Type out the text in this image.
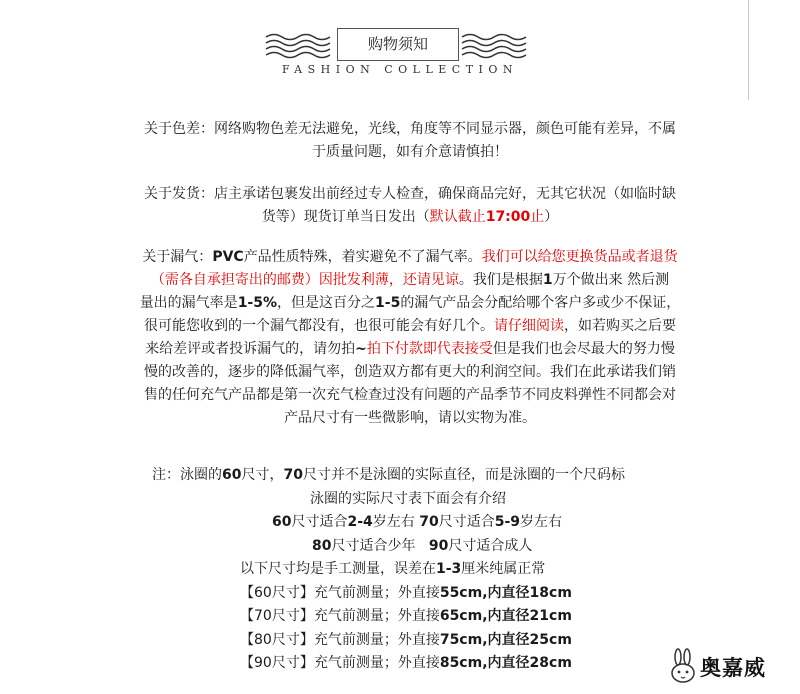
购物须知
FASHION COLLECTION
关于色差：网络购物色差无法避免，光线，角度等不同显示器，颜色可能有差异，不属
于质量问题，如有介意请慎拍！
关于发货：店主承诺包裹发出前经过专人检查，确保商品完好，无其它状况（如临时缺
货等）现货订单当日发出（默认截止17:00止）
关于漏气：PVC产品性质特殊，着实避免不了漏气率。我们可以给您更换货品或者退货
（需各自承担寄出的邮费）因批发利薄，还请见谅。我们是根据1万个做出来 然后测
量出的漏气率是1-5%，但是这百分之1-5的漏气产品会分配给哪个客户多或少不保证，
很可能您收到的一个漏气都没有，也很可能会有好几个。请仔细阅读，如若购买之后要
来给差评或者投诉漏气的，请勿拍~拍下付款即代表接受但是我们也会尽最大的努力慢
慢的改善的，逐步的降低漏气率，创造双方都有更大的利润空间。我们在此承诺我们销
售的任何充气产品都是第一次充气检查过没有问题的产品季节不同皮料弹性不同都会对
产品尺寸有一些微影响，请以实物为准。
注：泳圈的60尺寸，70尺寸并不是泳圈的实际直径，而是泳圈的一个尺码标
泳圈的实际尺寸表下面会有介绍
60尺寸适合2-4岁左右 70尺寸适合5-9岁左右
80尺寸适合少年   90尺寸适合成人
以下尺寸均是手工测量，误差在1-3厘米纯属正常
【60尺寸】充气前测量；外直接55cm,内直径18cm
【70尺寸】充气前测量；外直接65cm,内直径21cm
【80尺寸】充气前测量；外直接75cm,内直径25cm
【90尺寸】充气前测量；外直接85cm,内直径28cm	奥嘉威
